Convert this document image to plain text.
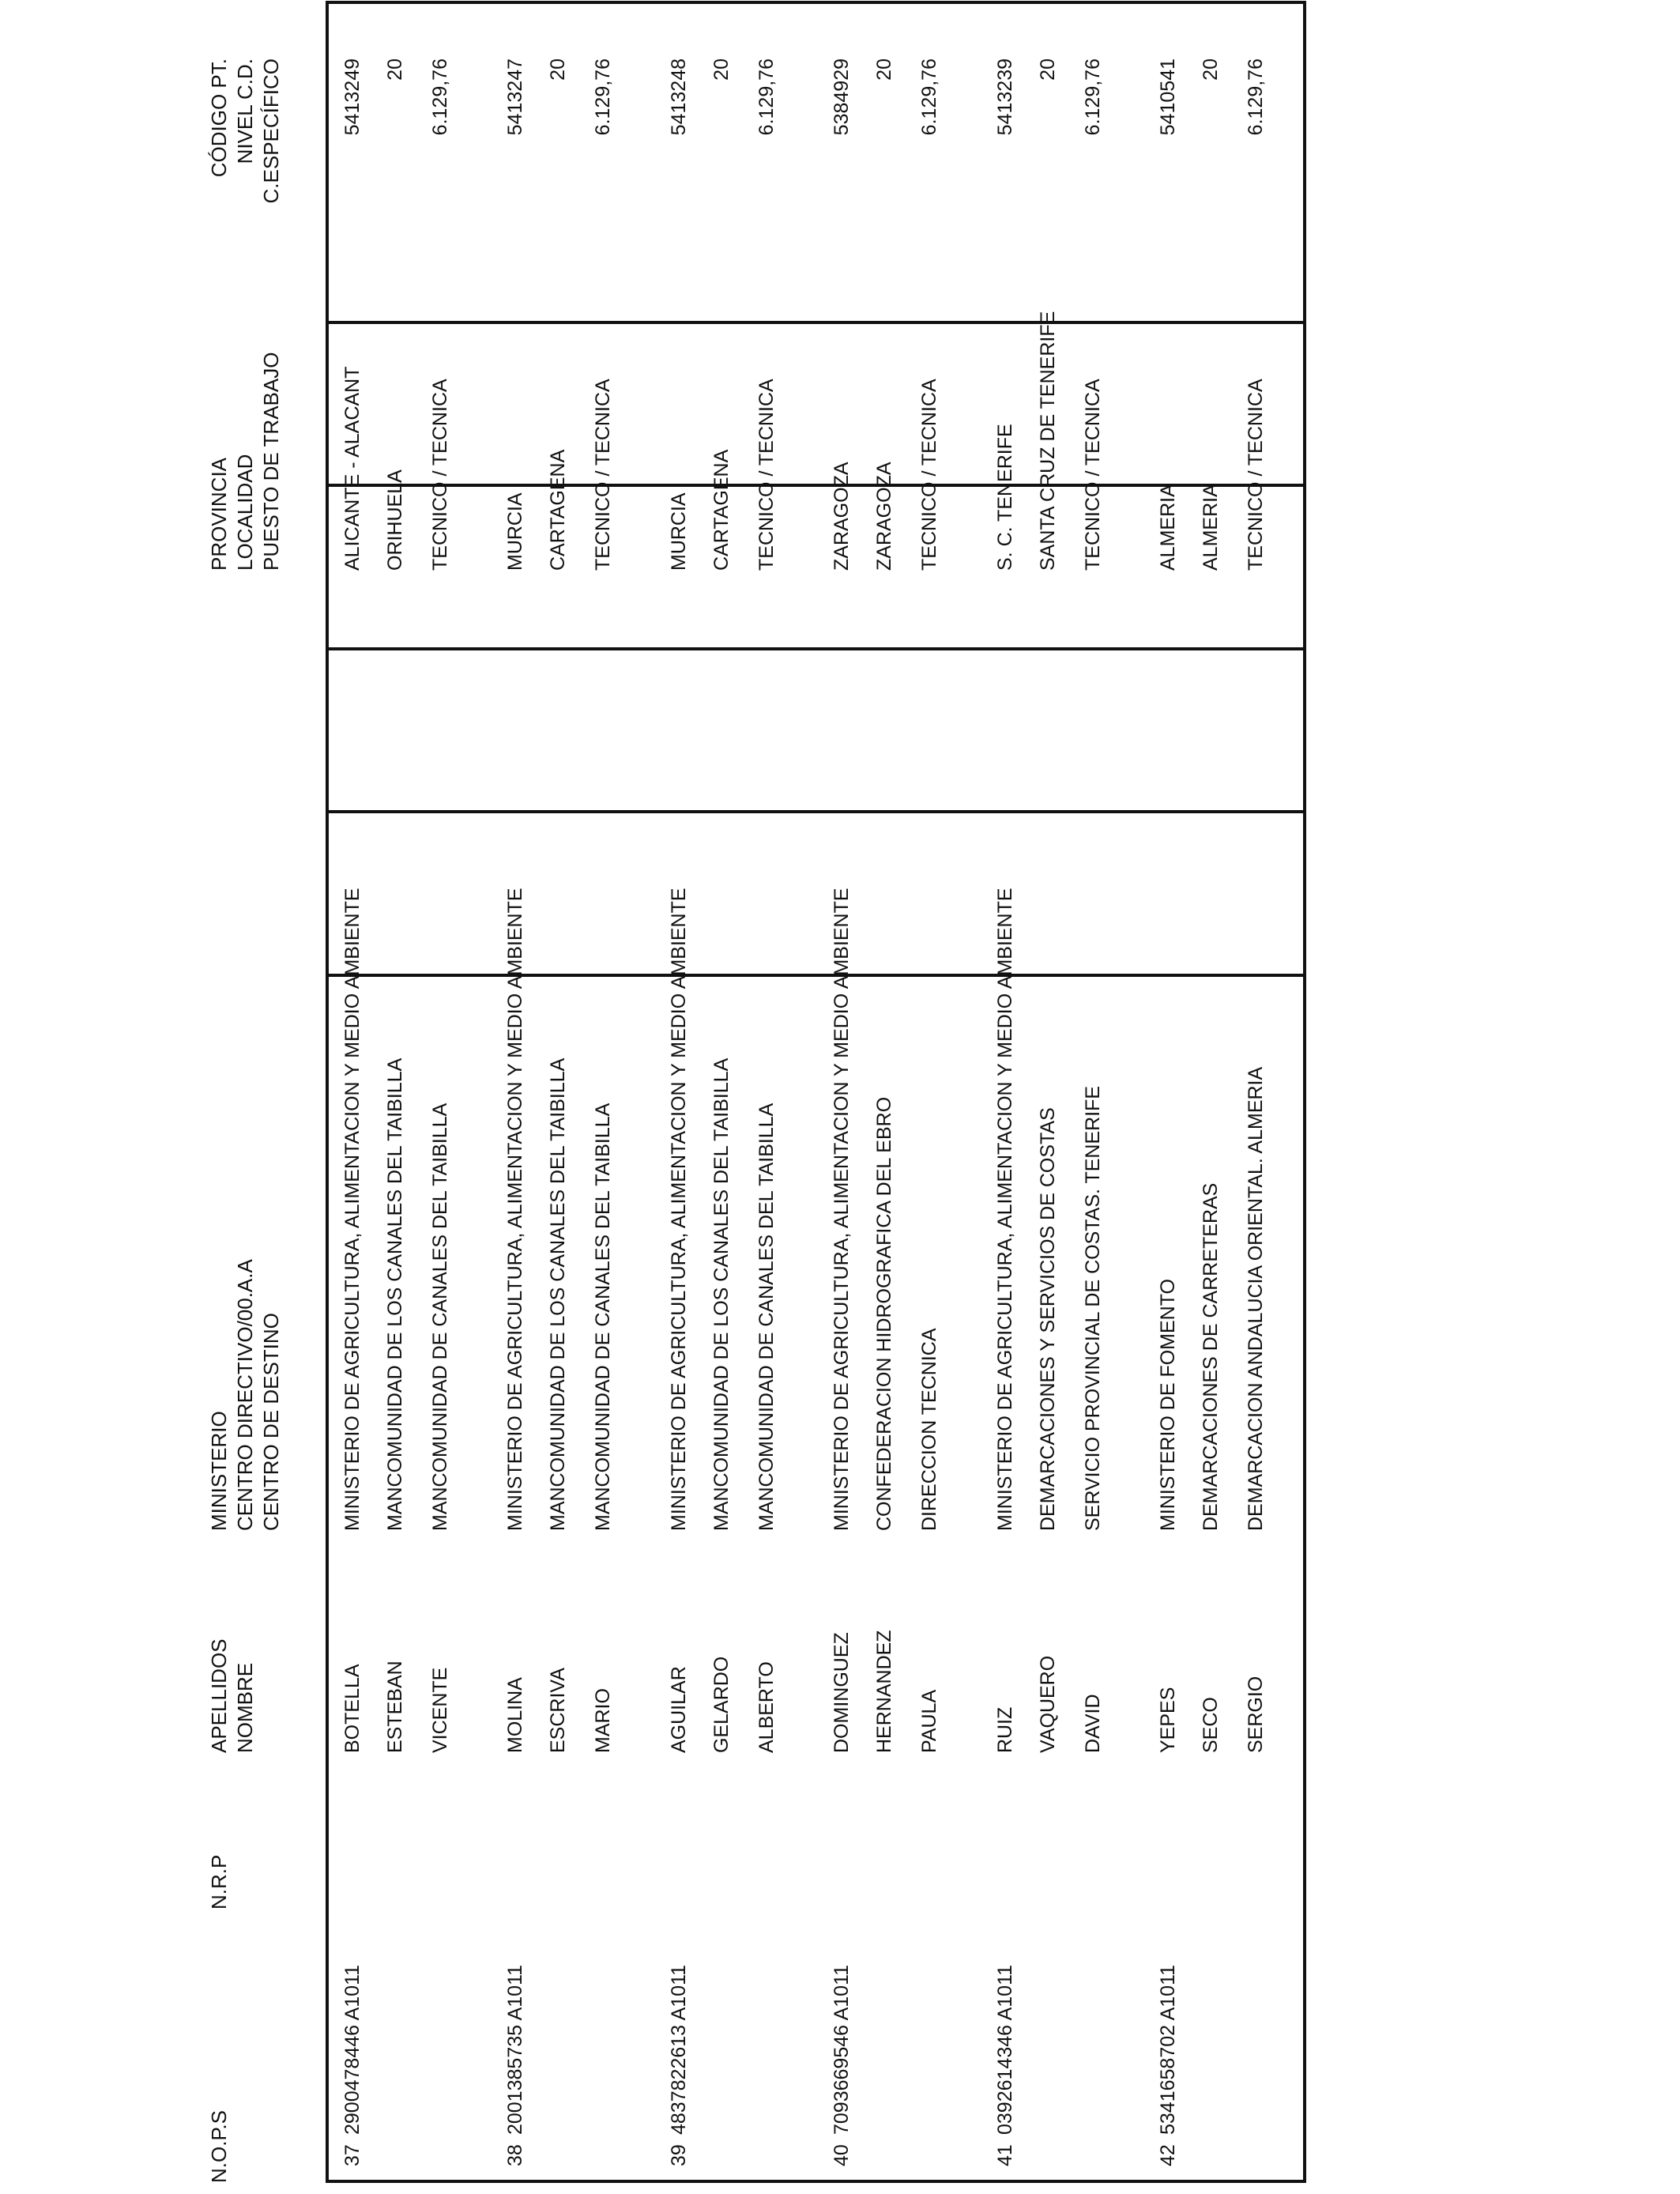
N.O.P.S
N.R.P
APELLIDOS NOMBRE
MINISTERIO CENTRO DIRECTIVO/00.A.A CENTRO DE DESTINO
PROVINCIA LOCALIDAD PUESTO DE TRABAJO
CÓDIGO PT. NIVEL C.D. C.ESPECÍFICO
37
2900478446 A1011
BOTELLA ESTEBAN VICENTE
MINISTERIO DE AGRICULTURA, ALIMENTACION Y MEDIO AMBIENTE MANCOMUNIDAD DE LOS CANALES DEL TAIBILLA MANCOMUNIDAD DE CANALES DEL TAIBILLA
ALICANTE - ALACANT ORIHUELA TECNICO / TECNICA
5413249 20 6.129,76
38
2001385735 A1011
MOLINA ESCRIVA MARIO
MINISTERIO DE AGRICULTURA, ALIMENTACION Y MEDIO AMBIENTE MANCOMUNIDAD DE LOS CANALES DEL TAIBILLA MANCOMUNIDAD DE CANALES DEL TAIBILLA
MURCIA CARTAGENA TECNICO / TECNICA
5413247 20 6.129,76
39
4837822613 A1011
AGUILAR GELARDO ALBERTO
MINISTERIO DE AGRICULTURA, ALIMENTACION Y MEDIO AMBIENTE MANCOMUNIDAD DE LOS CANALES DEL TAIBILLA MANCOMUNIDAD DE CANALES DEL TAIBILLA
MURCIA CARTAGENA TECNICO / TECNICA
5413248 20 6.129,76
40
7093669546 A1011
DOMINGUEZ HERNANDEZ PAULA
MINISTERIO DE AGRICULTURA, ALIMENTACION Y MEDIO AMBIENTE CONFEDERACION HIDROGRAFICA DEL EBRO DIRECCION TECNICA
ZARAGOZA ZARAGOZA TECNICO / TECNICA
5384929 20 6.129,76
41
0392614346 A1011
RUIZ VAQUERO DAVID
MINISTERIO DE AGRICULTURA, ALIMENTACION Y MEDIO AMBIENTE DEMARCACIONES Y SERVICIOS DE COSTAS SERVICIO PROVINCIAL DE COSTAS. TENERIFE
S. C. TENERIFE SANTA CRUZ DE TENERIFE TECNICO / TECNICA
5413239 20 6.129,76
42
5341658702 A1011
YEPES SECO SERGIO
MINISTERIO DE FOMENTO DEMARCACIONES DE CARRETERAS DEMARCACION ANDALUCIA ORIENTAL. ALMERIA
ALMERIA ALMERIA TECNICO / TECNICA
5410541 20 6.129,76
